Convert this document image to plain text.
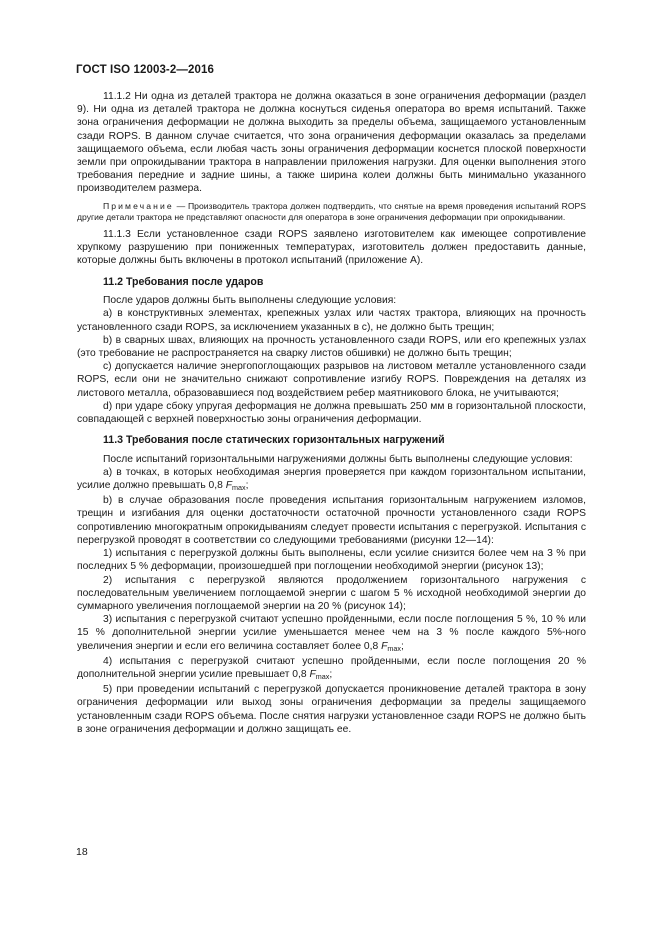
ГОСТ ISO 12003-2—2016

11.1.2 Ни одна из деталей трактора не должна оказаться в зоне ограничения деформации (раздел 9). Ни одна из деталей трактора не должна коснуться сиденья оператора во время испытаний. Также зона ограничения деформации не должна выходить за пределы объема, защищаемого установленным сзади ROPS. В данном случае считается, что зона ограничения деформации оказалась за пределами защищаемого объема, если любая часть зоны ограничения деформации коснется плоской поверхности земли при опрокидывании трактора в направлении приложения нагрузки. Для оценки выполнения этого требования передние и задние шины, а также ширина колеи должны быть минимально указанного производителем размера.

Примечание — Производитель трактора должен подтвердить, что снятые на время проведения испытаний ROPS другие детали трактора не представляют опасности для оператора в зоне ограничения деформации при опрокидывании.

11.1.3 Если установленное сзади ROPS заявлено изготовителем как имеющее сопротивление хрупкому разрушению при пониженных температурах, изготовитель должен предоставить данные, которые должны быть включены в протокол испытаний (приложение А).

11.2 Требования после ударов

После ударов должны быть выполнены следующие условия:

а) в конструктивных элементах, крепежных узлах или частях трактора, влияющих на прочность установленного сзади ROPS, за исключением указанных в с), не должно быть трещин;

b) в сварных швах, влияющих на прочность установленного сзади ROPS, или его крепежных узлах (это требование не распространяется на сварку листов обшивки) не должно быть трещин;

c) допускается наличие энергопоглощающих разрывов на листовом металле установленного сзади ROPS, если они не значительно снижают сопротивление изгибу ROPS. Повреждения на деталях из листового металла, образовавшиеся под воздействием ребер маятникового блока, не учитываются;

d) при ударе сбоку упругая деформация не должна превышать 250 мм в горизонтальной плоскости, совпадающей с верхней поверхностью зоны ограничения деформации.

11.3 Требования после статических горизонтальных нагружений

После испытаний горизонтальными нагружениями должны быть выполнены следующие условия:

а) в точках, в которых необходимая энергия проверяется при каждом горизонтальном испытании, усилие должно превышать 0,8 $F_{max}$;

b) в случае образования после проведения испытания горизонтальным нагружением изломов, трещин и изгибания для оценки достаточности остаточной прочности установленного сзади ROPS сопротивлению многократным опрокидываниям следует провести испытания с перегрузкой. Испытания с перегрузкой проводят в соответствии со следующими требованиями (рисунки 12—14):

1) испытания с перегрузкой должны быть выполнены, если усилие снизится более чем на 3 % при последних 5 % деформации, произошедшей при поглощении необходимой энергии (рисунок 13);

2) испытания с перегрузкой являются продолжением горизонтального нагружения с последовательным увеличением поглощаемой энергии с шагом 5 % исходной необходимой энергии до суммарного увеличения поглощаемой энергии на 20 % (рисунок 14);

3) испытания с перегрузкой считают успешно пройденными, если после поглощения 5 %, 10 % или 15 % дополнительной энергии усилие уменьшается менее чем на 3 % после каждого 5%-ного увеличения энергии и если его величина составляет более 0,8 $F_{max}$;

4) испытания с перегрузкой считают успешно пройденными, если после поглощения 20 % дополнительной энергии усилие превышает 0,8 $F_{max}$;

5) при проведении испытаний с перегрузкой допускается проникновение деталей трактора в зону ограничения деформации или выход зоны ограничения деформации за пределы защищаемого установленным сзади ROPS объема. После снятия нагрузки установленное сзади ROPS не должно быть в зоне ограничения деформации и должно защищать ее.

18
